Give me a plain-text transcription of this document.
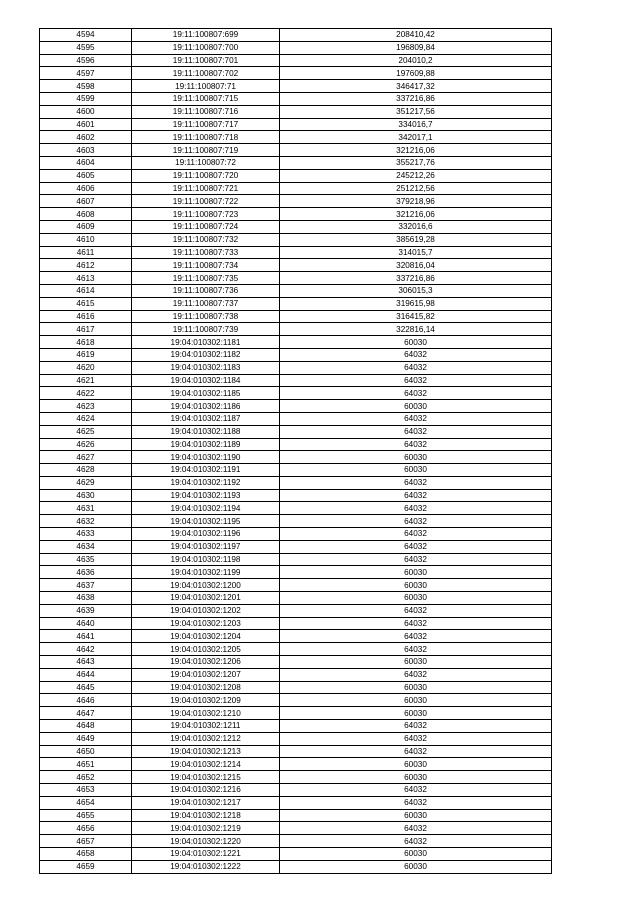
4594	19:11:100807:699	208410,42
4595	19:11:100807:700	196809,84
4596	19:11:100807:701	204010,2
4597	19:11:100807:702	197609,88
4598	19:11:100807:71	346417,32
4599	19:11:100807:715	337216,86
4600	19:11:100807:716	351217,56
4601	19:11:100807:717	334016,7
4602	19:11:100807:718	342017,1
4603	19:11:100807:719	321216,06
4604	19:11:100807:72	355217,76
4605	19:11:100807:720	245212,26
4606	19:11:100807:721	251212,56
4607	19:11:100807:722	379218,96
4608	19:11:100807:723	321216,06
4609	19:11:100807:724	332016,6
4610	19:11:100807:732	385619,28
4611	19:11:100807:733	314015,7
4612	19:11:100807:734	320816,04
4613	19:11:100807:735	337216,86
4614	19:11:100807:736	306015,3
4615	19:11:100807:737	319615,98
4616	19:11:100807:738	316415,82
4617	19:11:100807:739	322816,14
4618	19:04:010302:1181	60030
4619	19:04:010302:1182	64032
4620	19:04:010302:1183	64032
4621	19:04:010302:1184	64032
4622	19:04:010302:1185	64032
4623	19:04:010302:1186	60030
4624	19:04:010302:1187	64032
4625	19:04:010302:1188	64032
4626	19:04:010302:1189	64032
4627	19:04:010302:1190	60030
4628	19:04:010302:1191	60030
4629	19:04:010302:1192	64032
4630	19:04:010302:1193	64032
4631	19:04:010302:1194	64032
4632	19:04:010302:1195	64032
4633	19:04:010302:1196	64032
4634	19:04:010302:1197	64032
4635	19:04:010302:1198	64032
4636	19:04:010302:1199	60030
4637	19:04:010302:1200	60030
4638	19:04:010302:1201	60030
4639	19:04:010302:1202	64032
4640	19:04:010302:1203	64032
4641	19:04:010302:1204	64032
4642	19:04:010302:1205	64032
4643	19:04:010302:1206	60030
4644	19:04:010302:1207	64032
4645	19:04:010302:1208	60030
4646	19:04:010302:1209	60030
4647	19:04:010302:1210	60030
4648	19:04:010302:1211	64032
4649	19:04:010302:1212	64032
4650	19:04:010302:1213	64032
4651	19:04:010302:1214	60030
4652	19:04:010302:1215	60030
4653	19:04:010302:1216	64032
4654	19:04:010302:1217	64032
4655	19:04:010302:1218	60030
4656	19:04:010302:1219	64032
4657	19:04:010302:1220	64032
4658	19:04:010302:1221	60030
4659	19:04:010302:1222	60030
